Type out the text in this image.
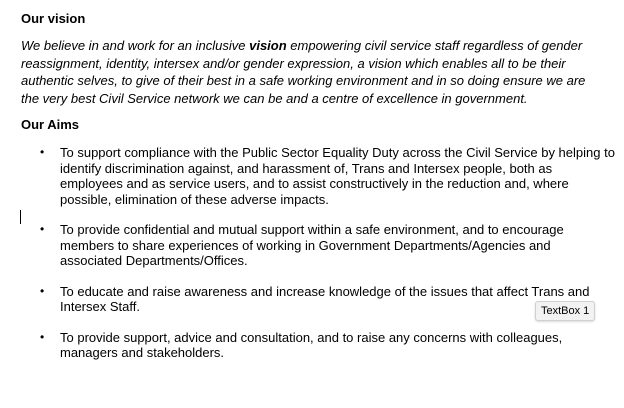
Our vision

We believe in and work for an inclusive vision empowering civil service staff regardless of gender reassignment, identity, intersex and/or gender expression, a vision which enables all to be their authentic selves, to give of their best in a safe working environment and in so doing ensure we are the very best Civil Service network we can be and a centre of excellence in government.

Our Aims
• To support compliance with the Public Sector Equality Duty across the Civil Service by helping to identify discrimination against, and harassment of, Trans and Intersex people, both as employees and as service users, and to assist constructively in the reduction and, where possible, elimination of these adverse impacts.
• To provide confidential and mutual support within a safe environment, and to encourage members to share experiences of working in Government Departments/Agencies and associated Departments/Offices.
• To educate and raise awareness and increase knowledge of the issues that affect Trans and Intersex Staff.
• To provide support, advice and consultation, and to raise any concerns with colleagues, managers and stakeholders.
TextBox 1
